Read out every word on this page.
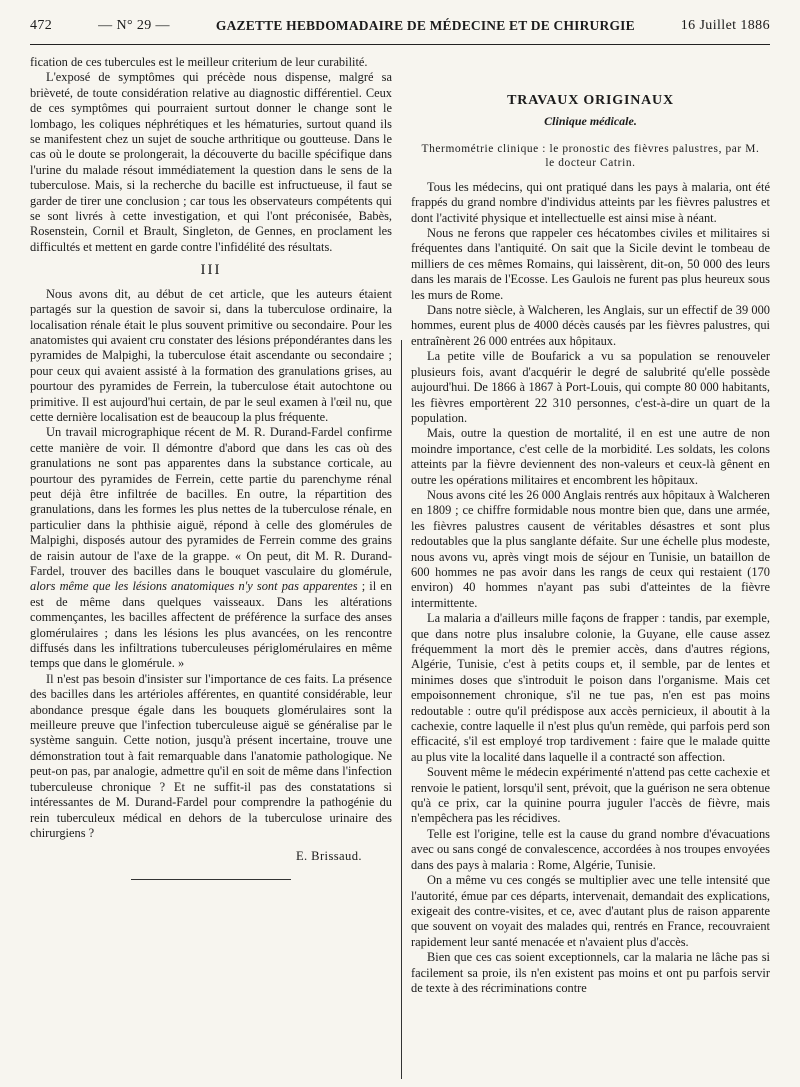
472	— N° 29 —	GAZETTE HEBDOMADAIRE DE MÉDECINE ET DE CHIRURGIE	16 Juillet 1886

fication de ces tubercules est le meilleur criterium de leur curabilité.

L'exposé de symptômes qui précède nous dispense, malgré sa brièveté, de toute considération relative au diagnostic différentiel. Ceux de ces symptômes qui pourraient surtout donner le change sont le lombago, les coliques néphrétiques et les hématuries, surtout quand ils se manifestent chez un sujet de souche arthritique ou goutteuse. Dans le cas où le doute se prolongerait, la découverte du bacille spécifique dans l'urine du malade résout immédiatement la question dans le sens de la tuberculose. Mais, si la recherche du bacille est infructueuse, il faut se garder de tirer une conclusion ; car tous les observateurs compétents qui se sont livrés à cette investigation, et qui l'ont préconisée, Babès, Rosenstein, Cornil et Brault, Singleton, de Gennes, en proclament les difficultés et mettent en garde contre l'infidélité des résultats.

III

Nous avons dit, au début de cet article, que les auteurs étaient partagés sur la question de savoir si, dans la tuberculose ordinaire, la localisation rénale était le plus souvent primitive ou secondaire. Pour les anatomistes qui avaient cru constater des lésions prépondérantes dans les pyramides de Malpighi, la tuberculose était ascendante ou secondaire ; pour ceux qui avaient assisté à la formation des granulations grises, au pourtour des pyramides de Ferrein, la tuberculose était autochtone ou primitive. Il est aujourd'hui certain, de par le seul examen à l'œil nu, que cette dernière localisation est de beaucoup la plus fréquente.

Un travail micrographique récent de M. R. Durand-Fardel confirme cette manière de voir. Il démontre d'abord que dans les cas où des granulations ne sont pas apparentes dans la substance corticale, au pourtour des pyramides de Ferrein, cette partie du parenchyme rénal peut déjà être infiltrée de bacilles. En outre, la répartition des granulations, dans les formes les plus nettes de la tuberculose rénale, en particulier dans la phthisie aiguë, répond à celle des glomérules de Malpighi, disposés autour des pyramides de Ferrein comme des grains de raisin autour de l'axe de la grappe. « On peut, dit M. R. Durand-Fardel, trouver des bacilles dans le bouquet vasculaire du glomérule, alors même que les lésions anatomiques n'y sont pas apparentes ; il en est de même dans quelques vaisseaux. Dans les altérations commençantes, les bacilles affectent de préférence la surface des anses glomérulaires ; dans les lésions les plus avancées, on les rencontre diffusés dans les infiltrations tuberculeuses périglomérulaires en même temps que dans le glomérule. »

Il n'est pas besoin d'insister sur l'importance de ces faits. La présence des bacilles dans les artérioles afférentes, en quantité considérable, leur abondance presque égale dans les bouquets glomérulaires sont la meilleure preuve que l'infection tuberculeuse aiguë se généralise par le système sanguin. Cette notion, jusqu'à présent incertaine, trouve une démonstration tout à fait remarquable dans l'anatomie pathologique. Ne peut-on pas, par analogie, admettre qu'il en soit de même dans l'infection tuberculeuse chronique ? Et ne suffit-il pas des constatations si intéressantes de M. Durand-Fardel pour comprendre la pathogénie du rein tuberculeux médical en dehors de la tuberculose urinaire des chirurgiens ?

E. Brissaud.
TRAVAUX ORIGINAUX
Clinique médicale.
Thermométrie clinique : le pronostic des fièvres palustres, par M. le docteur Catrin.

Tous les médecins, qui ont pratiqué dans les pays à malaria, ont été frappés du grand nombre d'individus atteints par les fièvres palustres et dont l'activité physique et intellectuelle est ainsi mise à néant.

Nous ne ferons que rappeler ces hécatombes civiles et militaires si fréquentes dans l'antiquité. On sait que la Sicile devint le tombeau de milliers de ces mêmes Romains, qui laissèrent, dit-on, 50 000 des leurs dans les marais de l'Ecosse. Les Gaulois ne furent pas plus heureux sous les murs de Rome.

Dans notre siècle, à Walcheren, les Anglais, sur un effectif de 39 000 hommes, eurent plus de 4000 décès causés par les fièvres palustres, qui entraînèrent 26 000 entrées aux hôpitaux.

La petite ville de Boufarick a vu sa population se renouveler plusieurs fois, avant d'acquérir le degré de salubrité qu'elle possède aujourd'hui. De 1866 à 1867 à Port-Louis, qui compte 80 000 habitants, les fièvres emportèrent 22 310 personnes, c'est-à-dire un quart de la population.

Mais, outre la question de mortalité, il en est une autre de non moindre importance, c'est celle de la morbidité. Les soldats, les colons atteints par la fièvre deviennent des non-valeurs et ceux-là gênent en outre les opérations militaires et encombrent les hôpitaux.

Nous avons cité les 26 000 Anglais rentrés aux hôpitaux à Walcheren en 1809 ; ce chiffre formidable nous montre bien que, dans une armée, les fièvres palustres causent de véritables désastres et sont plus redoutables que la plus sanglante défaite. Sur une échelle plus modeste, nous avons vu, après vingt mois de séjour en Tunisie, un bataillon de 600 hommes ne pas avoir dans les rangs de ceux qui restaient (170 environ) 40 hommes n'ayant pas subi d'atteintes de la fièvre intermittente.

La malaria a d'ailleurs mille façons de frapper : tandis, par exemple, que dans notre plus insalubre colonie, la Guyane, elle cause assez fréquemment la mort dès le premier accès, dans d'autres régions, Algérie, Tunisie, c'est à petits coups et, il semble, par de lentes et minimes doses que s'introduit le poison dans l'organisme. Mais cet empoisonnement chronique, s'il ne tue pas, n'en est pas moins redoutable : outre qu'il prédispose aux accès pernicieux, il aboutit à la cachexie, contre laquelle il n'est plus qu'un remède, qui parfois perd son efficacité, s'il est employé trop tardivement : faire que le malade quitte au plus vite la localité dans laquelle il a contracté son affection.

Souvent même le médecin expérimenté n'attend pas cette cachexie et renvoie le patient, lorsqu'il sent, prévoit, que la guérison ne sera obtenue qu'à ce prix, car la quinine pourra juguler l'accès de fièvre, mais n'empêchera pas les récidives.

Telle est l'origine, telle est la cause du grand nombre d'évacuations avec ou sans congé de convalescence, accordées à nos troupes envoyées dans des pays à malaria : Rome, Algérie, Tunisie.

On a même vu ces congés se multiplier avec une telle intensité que l'autorité, émue par ces départs, intervenait, demandait des explications, exigeait des contre-visites, et ce, avec d'autant plus de raison apparente que souvent on voyait des malades qui, rentrés en France, recouvraient rapidement leur santé menacée et n'avaient plus d'accès.

Bien que ces cas soient exceptionnels, car la malaria ne lâche pas si facilement sa proie, ils n'en existent pas moins et ont pu parfois servir de texte à des récriminations contre
